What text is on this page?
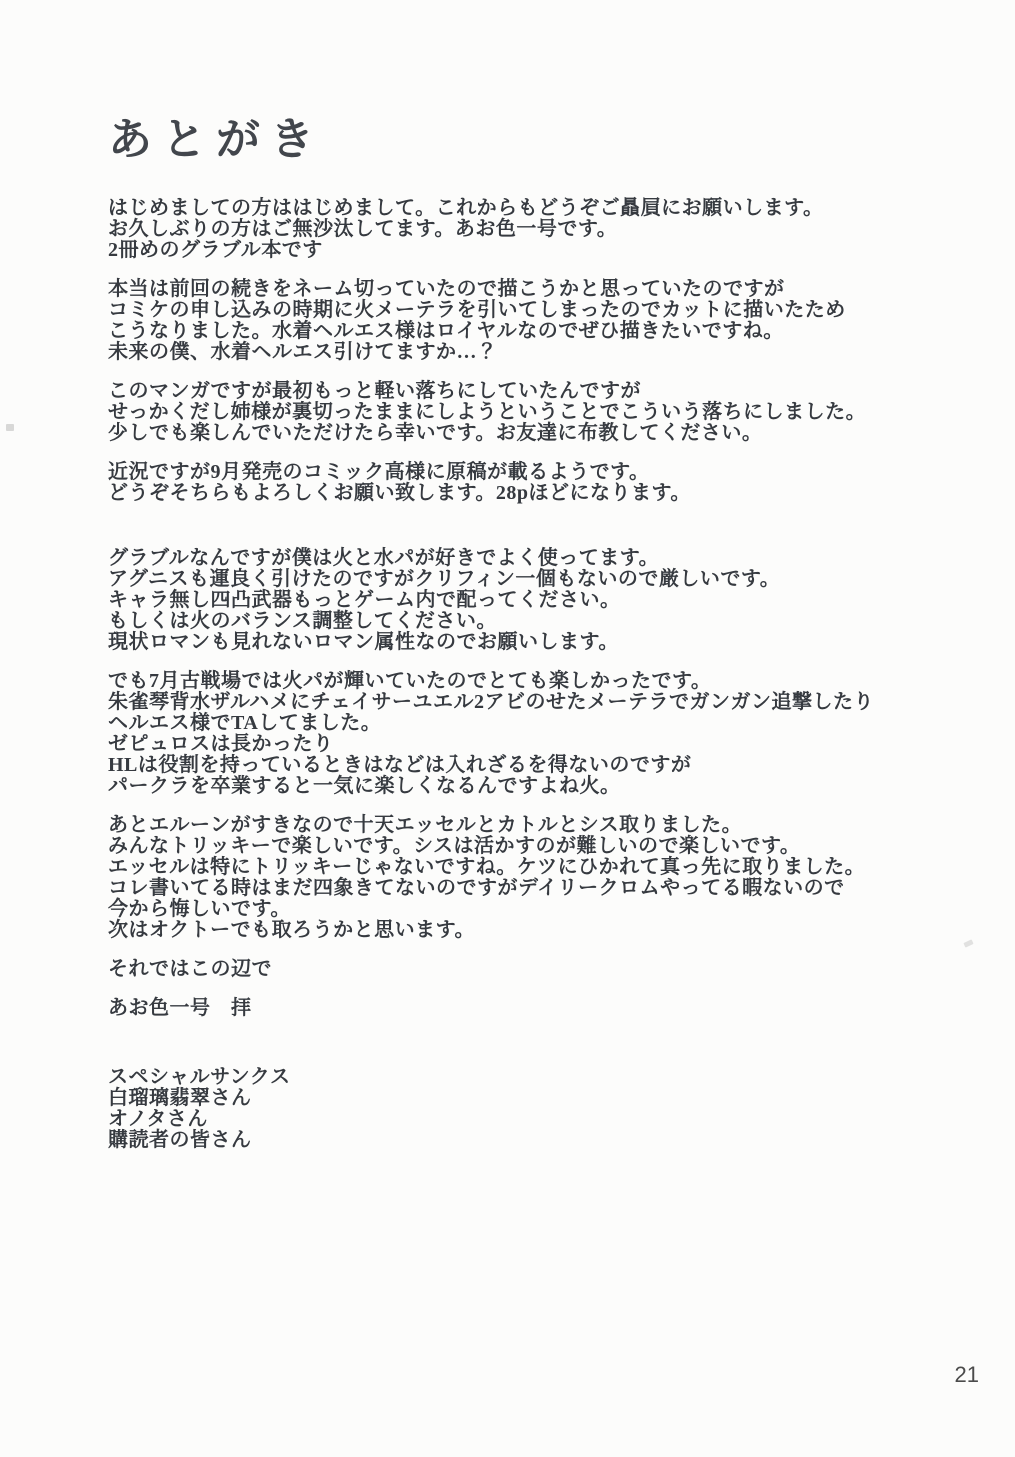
あとがき

はじめましての方ははじめまして。これからもどうぞご贔屓にお願いします。
お久しぶりの方はご無沙汰してます。あお色一号です。
2冊めのグラブル本です

本当は前回の続きをネーム切っていたので描こうかと思っていたのですが
コミケの申し込みの時期に火メーテラを引いてしまったのでカットに描いたため
こうなりました。水着ヘルエス様はロイヤルなのでぜひ描きたいですね。
未来の僕、水着ヘルエス引けてますか…？

このマンガですが最初もっと軽い落ちにしていたんですが
せっかくだし姉様が裏切ったままにしようということでこういう落ちにしました。
少しでも楽しんでいただけたら幸いです。お友達に布教してください。

近況ですが9月発売のコミック高様に原稿が載るようです。
どうぞそちらもよろしくお願い致します。28pほどになります。

グラブルなんですが僕は火と水パが好きでよく使ってます。
アグニスも運良く引けたのですがクリフィン一個もないので厳しいです。
キャラ無し四凸武器もっとゲーム内で配ってください。
もしくは火のバランス調整してください。
現状ロマンも見れないロマン属性なのでお願いします。

でも7月古戦場では火パが輝いていたのでとても楽しかったです。
朱雀琴背水ザルハメにチェイサーユエル2アビのせたメーテラでガンガン追撃したり
ヘルエス様でTAしてました。
ゼピュロスは長かったり
HLは役割を持っているときはなどは入れざるを得ないのですが
パークラを卒業すると一気に楽しくなるんですよね火。

あとエルーンがすきなので十天エッセルとカトルとシス取りました。
みんなトリッキーで楽しいです。シスは活かすのが難しいので楽しいです。
エッセルは特にトリッキーじゃないですね。ケツにひかれて真っ先に取りました。
コレ書いてる時はまだ四象きてないのですがデイリークロムやってる暇ないので
今から悔しいです。
次はオクトーでも取ろうかと思います。

それではこの辺で

あお色一号　拝

スペシャルサンクス
白瑠璃翡翠さん
オノタさん
購読者の皆さん

21
